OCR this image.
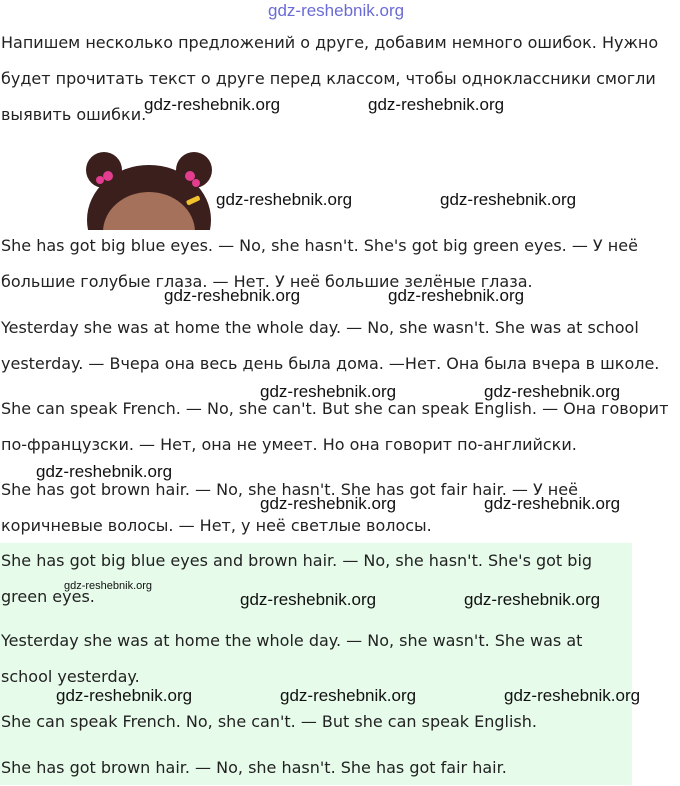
gdz-reshebnik.org

Напишем несколько предложений о друге, добавим немного ошибок. Нужно будет прочитать текст о друге перед классом, чтобы одноклассники смогли выявить ошибки.

She has got big blue eyes. — No, she hasn't. She's got big green eyes. — У неё большие голубые глаза. — Нет. У неё большие зелёные глаза.

Yesterday she was at home the whole day. — No, she wasn't. She was at school yesterday. — Вчера она весь день была дома. —Нет. Она была вчера в школе.

She can speak French. — No, she can't. But she can speak English. — Она говорит по-французски. — Нет, она не умеет. Но она говорит по-английски.

She has got brown hair. — No, she hasn't. She has got fair hair. — У неё коричневые волосы. — Нет, у неё светлые волосы.

She has got big blue eyes and brown hair. — No, she hasn't. She's got big green eyes.

Yesterday she was at home the whole day. — No, she wasn't. She was at school yesterday.

She can speak French. No, she can't. — But she can speak English.

She has got brown hair. — No, she hasn't. She has got fair hair.

gdz-reshebnik.org	gdz-reshebnik.org
gdz-reshebnik.org	gdz-reshebnik.org
gdz-reshebnik.org	gdz-reshebnik.org
gdz-reshebnik.org	gdz-reshebnik.org
gdz-reshebnik.org
gdz-reshebnik.org	gdz-reshebnik.org
gdz-reshebnik.org
gdz-reshebnik.org	gdz-reshebnik.org
gdz-reshebnik.org	gdz-reshebnik.org	gdz-reshebnik.org
